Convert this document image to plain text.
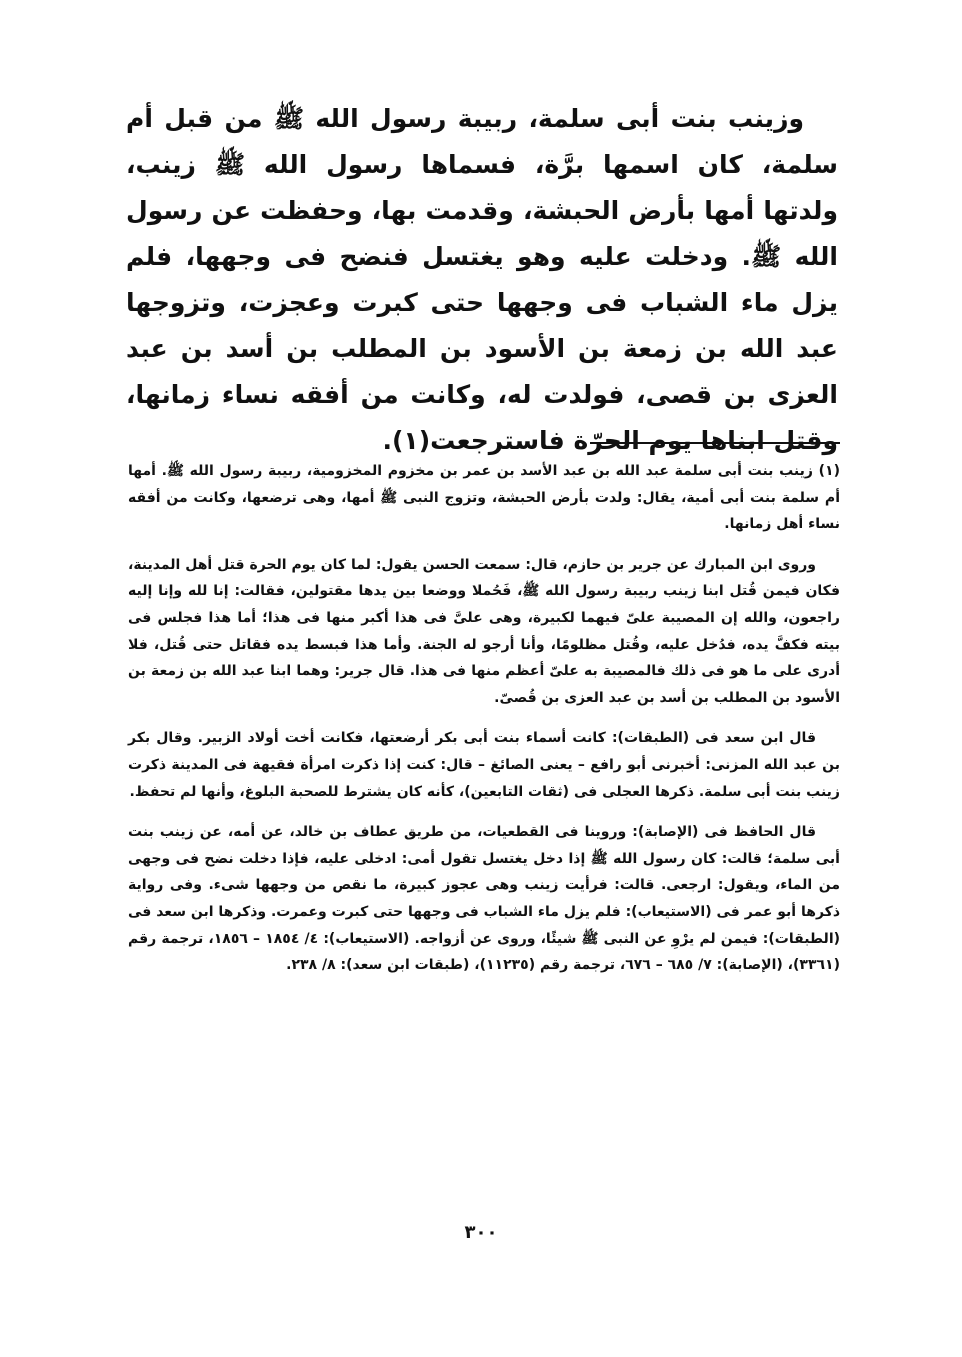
وزينب بنت أبى سلمة، ربيبة رسول الله ﷺ من قبل أم سلمة، كان اسمها برَّة، فسماها رسول الله ﷺ زينب، ولدتها أمها بأرض الحبشة، وقدمت بها، وحفظت عن رسول الله ﷺ. ودخلت عليه وهو يغتسل فنضح فى وجهها، فلم يزل ماء الشباب فى وجهها حتى كبرت وعجزت، وتزوجها عبد الله بن زمعة بن الأسود بن المطلب بن أسد بن عبد العزى بن قصى، فولدت له، وكانت من أفقه نساء زمانها، وقتل ابناها يوم الحرّة فاسترجعت(١).

(١) زينب بنت أبى سلمة عبد الله بن عبد الأسد بن عمر بن مخزوم المخزومية، ربيبة رسول الله ﷺ. أمها أم سلمة بنت أبى أمية، يقال: ولدت بأرض الحبشة، وتزوج النبى ﷺ أمها، وهى ترضعها، وكانت من أفقه نساء أهل زمانها.

وروى ابن المبارك عن جرير بن حازم، قال: سمعت الحسن يقول: لما كان يوم الحرة قتل أهل المدينة، فكان فيمن قُتل ابنا زينب ربيبة رسول الله ﷺ، فَحُملا ووضعا بين يدها مقتولين، فقالت: إنا لله وإنا إليه راجعون، والله إن المصيبة علىّ فيهما لكبيرة، وهى علىَّ فى هذا أكبر منها فى هذا؛ أما هذا فجلس فى بيته فكفَّ يده، فدُخل عليه، وقُتل مظلومًا، وأنا أرجو له الجنة. وأما هذا فبسط يده فقاتل حتى قُتل، فلا أدرى على ما هو فى ذلك فالمصيبة به علىّ أعظم منها فى هذا. قال جرير: وهما ابنا عبد الله بن زمعة بن الأسود بن المطلب بن أسد بن عبد العزى بن قُصىّ.

قال ابن سعد فى (الطبقات): كانت أسماء بنت أبى بكر أرضعتها، فكانت أخت أولاد الزبير. وقال بكر بن عبد الله المزنى: أخبرنى أبو رافع – يعنى الصائغ – قال: كنت إذا ذكرت امرأة فقيهة فى المدينة ذكرت زينب بنت أبى سلمة. ذكرها العجلى فى (ثقات التابعين)، كأنه كان يشترط للصحبة البلوغ، وأنها لم تحفظ.

قال الحافظ فى (الإصابة): وروينا فى القطعيات، من طريق عطاف بن خالد، عن أمه، عن زينب بنت أبى سلمة؛ قالت: كان رسول الله ﷺ إذا دخل يغتسل تقول أمى: ادخلى عليه، فإذا دخلت نضح فى وجهى من الماء، ويقول: ارجعى. قالت: فرأيت زينب وهى عجوز كبيرة، ما نقص من وجهها شىء. وفى رواية ذكرها أبو عمر فى (الاستيعاب): فلم يزل ماء الشباب فى وجهها حتى كبرت وعمرت. وذكرها ابن سعد فى (الطبقات): فيمن لم يرْوِ عن النبى ﷺ شيئًا، وروى عن أزواجه. (الاستيعاب): ٤/ ١٨٥٤ – ١٨٥٦، ترجمة رقم (٣٣٦١)، (الإصابة): ٧/ ٦٨٥ – ٦٧٦، ترجمة رقم (١١٢٣٥)، (طبقات ابن سعد): ٨/ ٢٣٨.

٣٠٠
